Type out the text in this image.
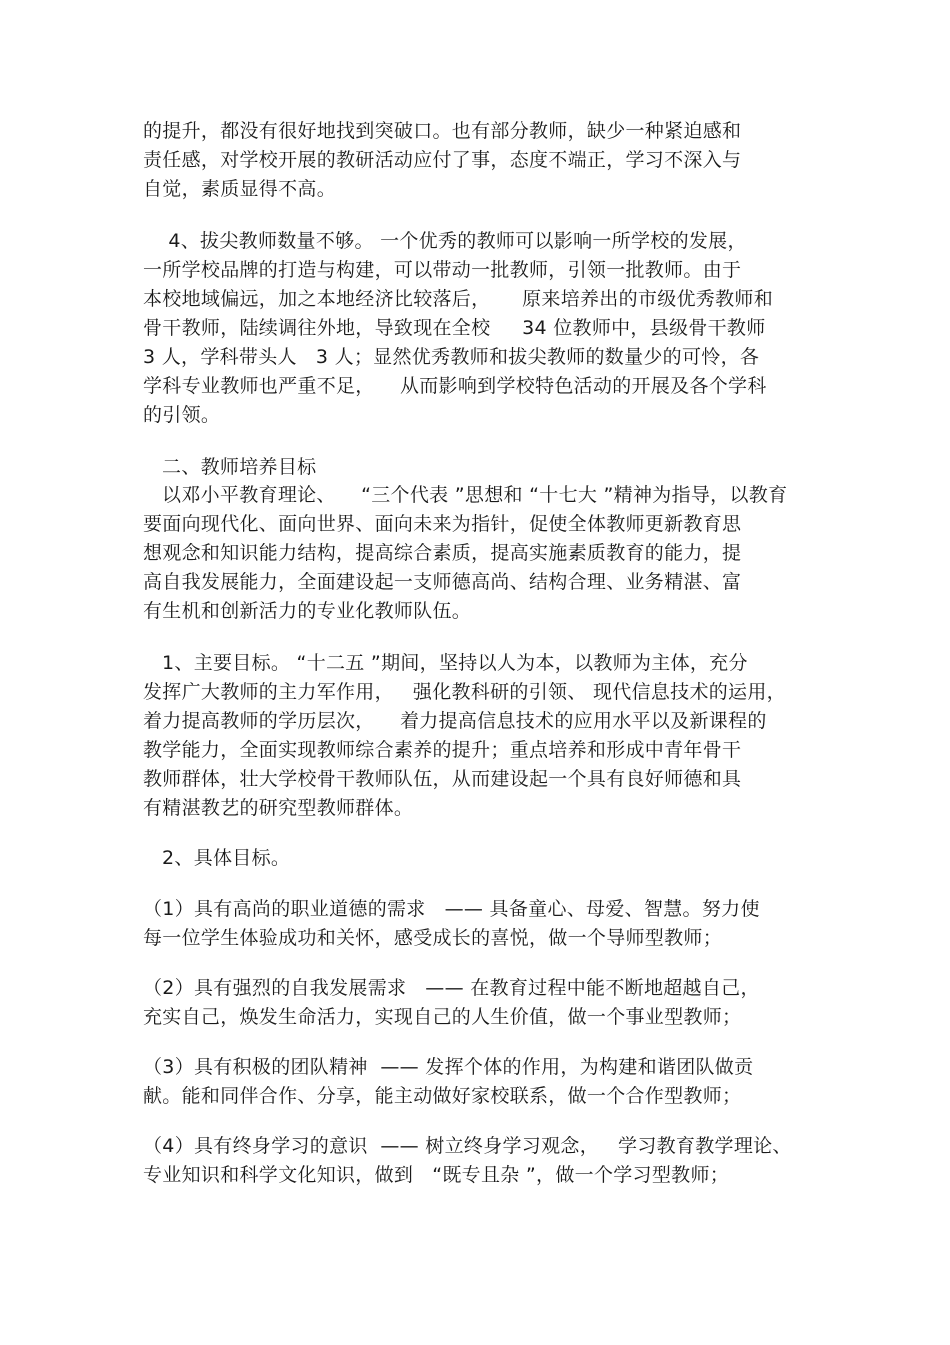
的提升，都没有很好地找到突破口。也有部分教师，缺少一种紧迫感和
责任感，对学校开展的教研活动应付了事，态度不端正，学习不深入与
自觉，素质显得不高。
4、拔尖教师数量不够。 一个优秀的教师可以影响一所学校的发展，
一所学校品牌的打造与构建，可以带动一批教师，引领一批教师。由于
本校地域偏远，加之本地经济比较落后，     原来培养出的市级优秀教师和
骨干教师，陆续调往外地，导致现在全校     34 位教师中，县级骨干教师
3 人，学科带头人   3 人；显然优秀教师和拔尖教师的数量少的可怜，各
学科专业教师也严重不足，    从而影响到学校特色活动的开展及各个学科
的引领。
二、教师培养目标
以邓小平教育理论、    “三个代表 ”思想和 “十七大 ”精神为指导，以教育
要面向现代化、面向世界、面向未来为指针，促使全体教师更新教育思
想观念和知识能力结构，提高综合素质，提高实施素质教育的能力，提
高自我发展能力，全面建设起一支师德高尚、结构合理、业务精湛、富
有生机和创新活力的专业化教师队伍。
1、主要目标。 “十二五 ”期间，坚持以人为本，以教师为主体，充分
发挥广大教师的主力军作用，   强化教科研的引领、 现代信息技术的运用，
着力提高教师的学历层次，    着力提高信息技术的应用水平以及新课程的
教学能力，全面实现教师综合素养的提升；重点培养和形成中青年骨干
教师群体，壮大学校骨干教师队伍，从而建设起一个具有良好师德和具
有精湛教艺的研究型教师群体。
2、具体目标。
（1）具有高尚的职业道德的需求   —— 具备童心、母爱、智慧。努力使
每一位学生体验成功和关怀，感受成长的喜悦，做一个导师型教师；
（2）具有强烈的自我发展需求   —— 在教育过程中能不断地超越自己，
充实自己，焕发生命活力，实现自己的人生价值，做一个事业型教师；
（3）具有积极的团队精神  —— 发挥个体的作用，为构建和谐团队做贡
献。能和同伴合作、分享，能主动做好家校联系，做一个合作型教师；
（4）具有终身学习的意识  —— 树立终身学习观念，   学习教育教学理论、
专业知识和科学文化知识，做到   “既专且杂 ”，做一个学习型教师；
